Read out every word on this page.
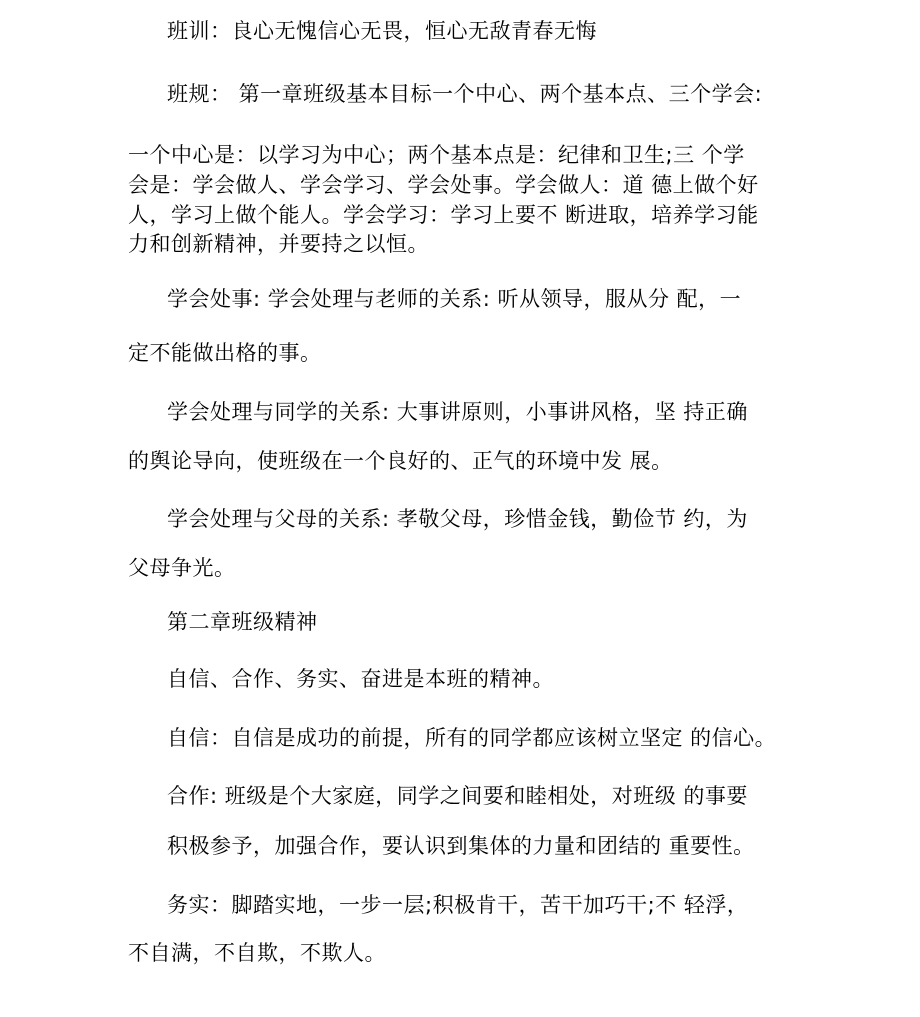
班训：良心无愧信心无畏，恒心无敌青春无悔
班规： 第一章班级基本目标一个中心、两个基本点、三个学会:
一个中心是：以学习为中心；两个基本点是：纪律和卫生;三 个学
会是：学会做人、学会学习、学会处事。学会做人：道 德上做个好
人，学习上做个能人。学会学习：学习上要不 断进取，培养学习能
力和创新精神，并要持之以恒。
学会处事: 学会处理与老师的关系: 听从领导，服从分 配，一
定不能做出格的事。
学会处理与同学的关系: 大事讲原则，小事讲风格，坚 持正确
的舆论导向，使班级在一个良好的、正气的环境中发 展。
学会处理与父母的关系: 孝敬父母，珍惜金钱，勤俭节 约，为
父母争光。
第二章班级精神
自信、合作、务实、奋进是本班的精神。
自信：自信是成功的前提，所有的同学都应该树立坚定 的信心。
合作: 班级是个大家庭，同学之间要和睦相处，对班级 的事要
积极参予，加强合作，要认识到集体的力量和团结的 重要性。
务实：脚踏实地，一步一层;积极肯干，苦干加巧干;不 轻浮，
不自满，不自欺，不欺人。
